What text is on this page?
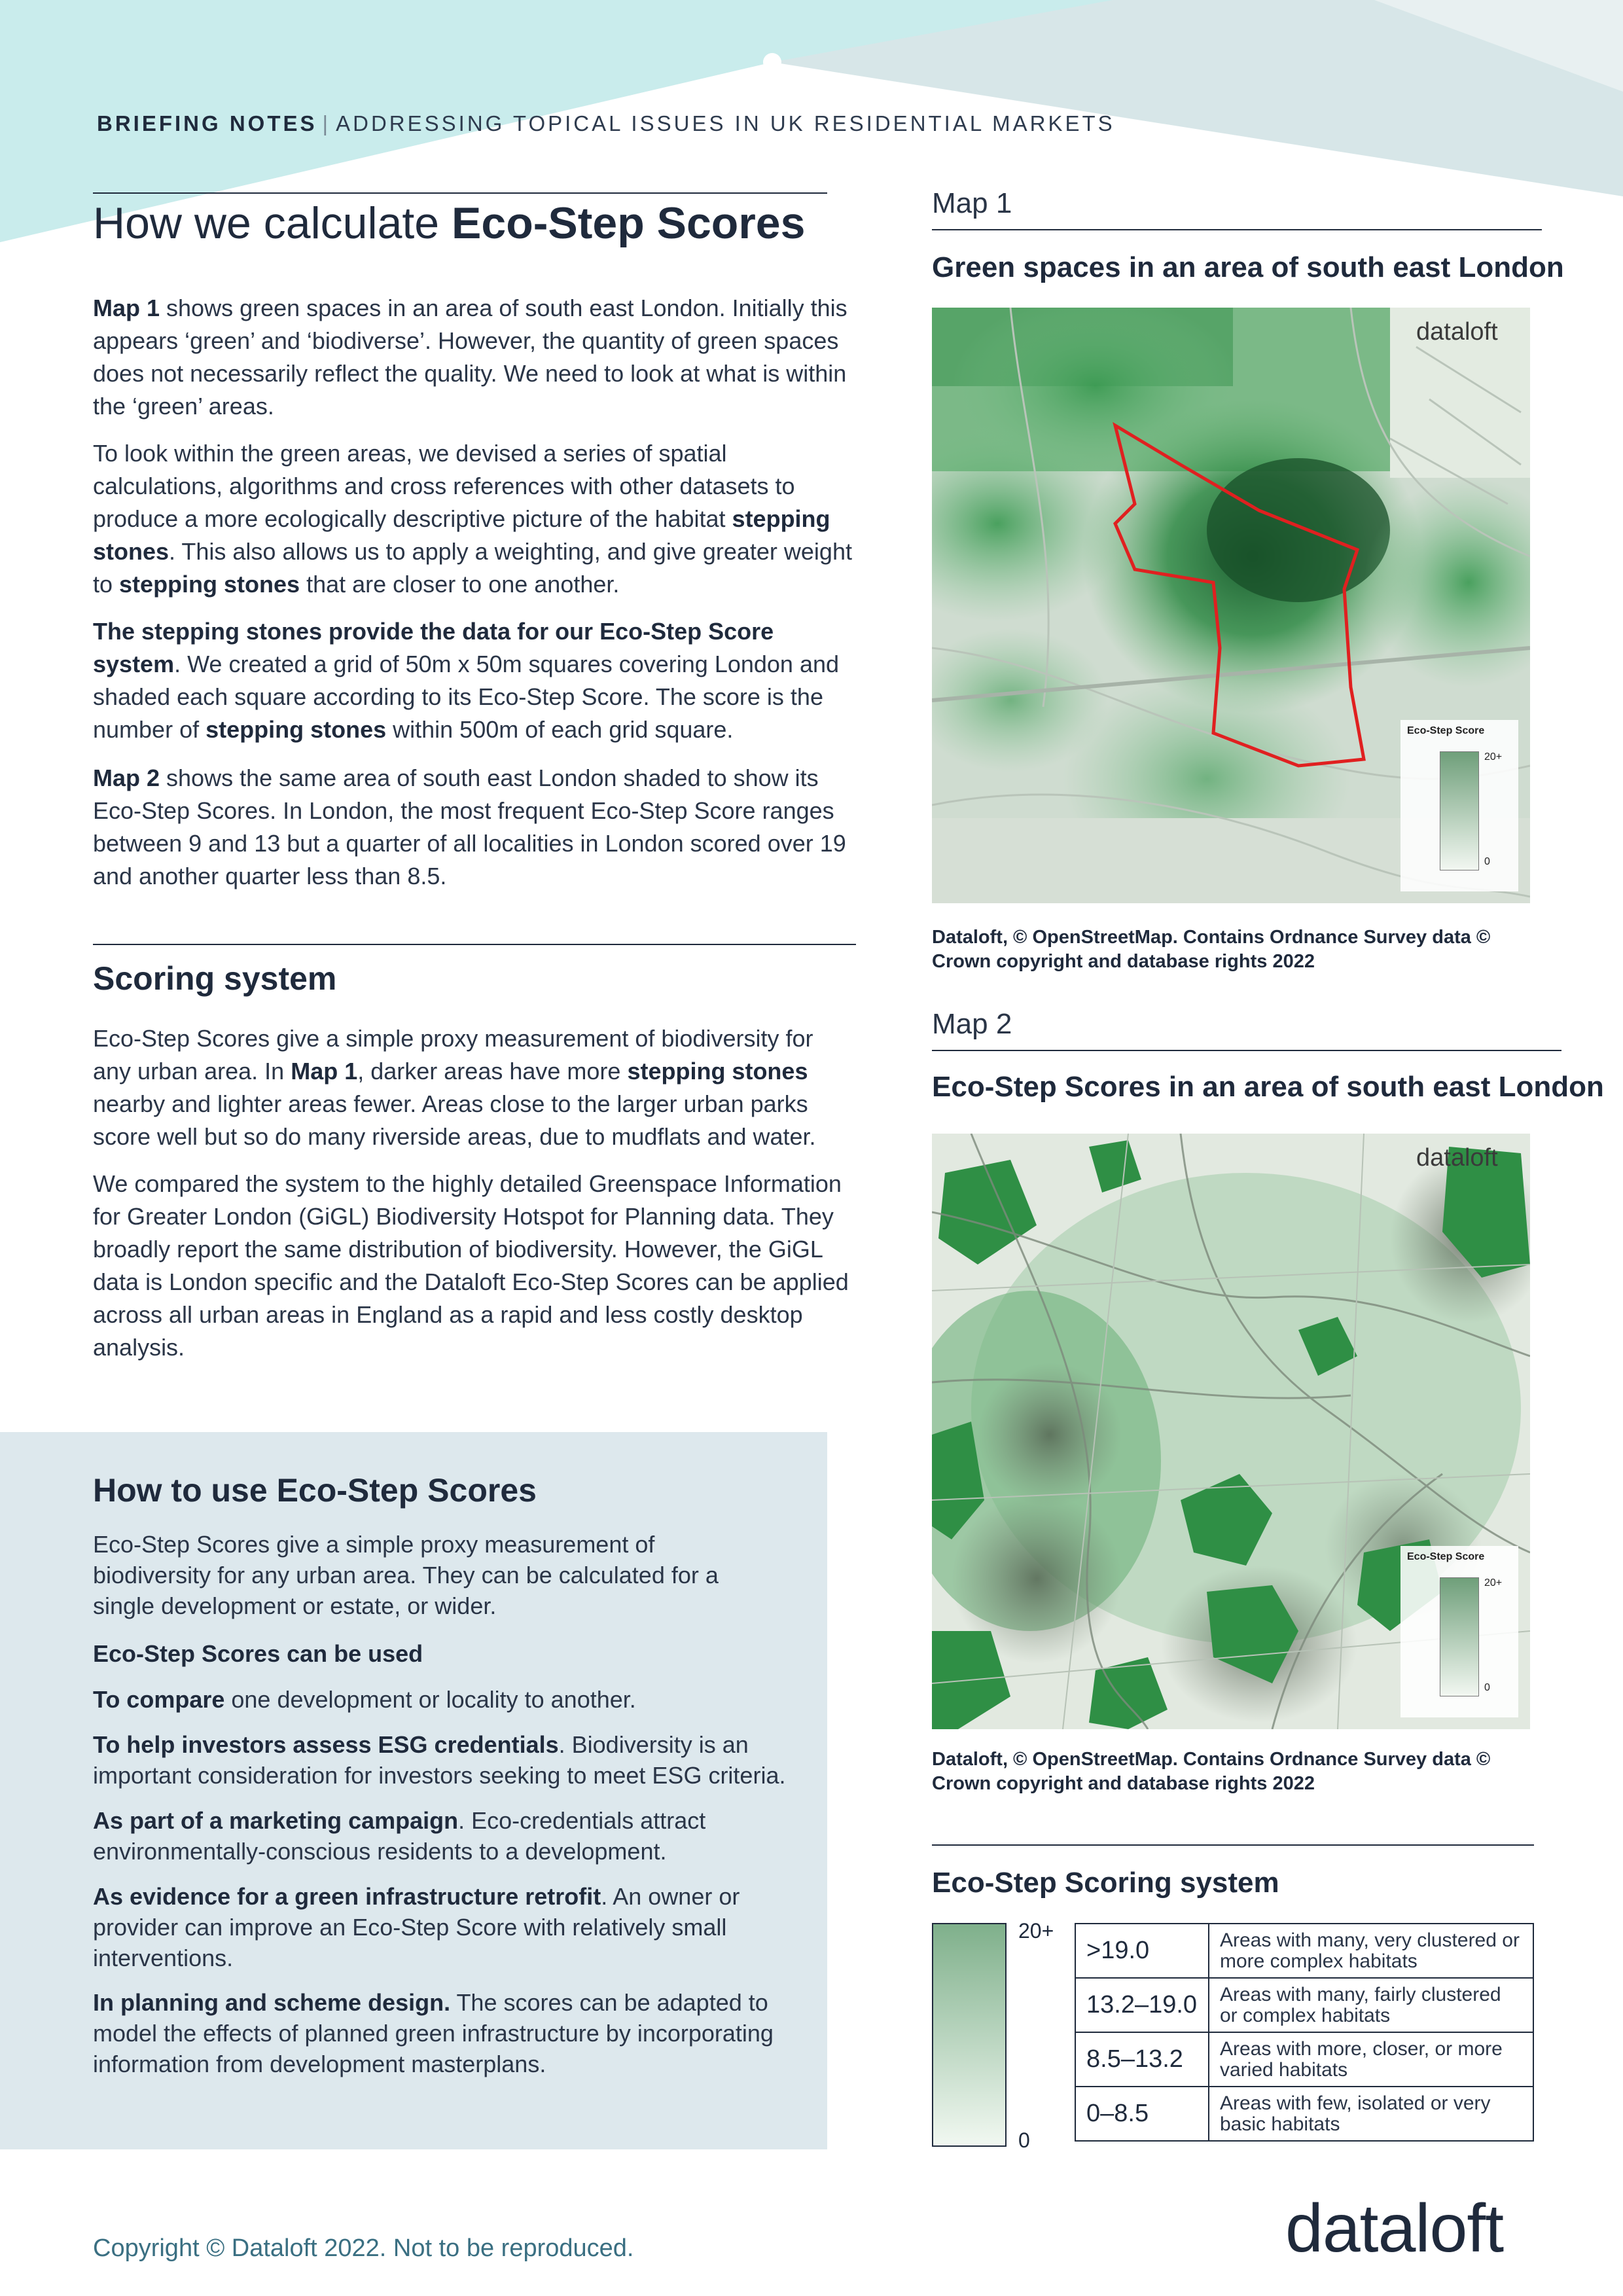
BRIEFING NOTES | ADDRESSING TOPICAL ISSUES IN UK RESIDENTIAL MARKETS
How we calculate Eco-Step Scores
Map 1 shows green spaces in an area of south east London. Initially this appears ‘green’ and ‘biodiverse’. However, the quantity of green spaces does not necessarily reflect the quality. We need to look at what is within the ‘green’ areas.
To look within the green areas, we devised a series of spatial calculations, algorithms and cross references with other datasets to produce a more ecologically descriptive picture of the habitat stepping stones. This also allows us to apply a weighting, and give greater weight to stepping stones that are closer to one another.
The stepping stones provide the data for our Eco-Step Score system. We created a grid of 50m x 50m squares covering London and shaded each square according to its Eco-Step Score. The score is the number of stepping stones within 500m of each grid square.
Map 2 shows the same area of south east London shaded to show its Eco-Step Scores. In London, the most frequent Eco-Step Score ranges between 9 and 13 but a quarter of all localities in London scored over 19 and another quarter less than 8.5.
Scoring system
Eco-Step Scores give a simple proxy measurement of biodiversity for any urban area. In Map 1, darker areas have more stepping stones nearby and lighter areas fewer. Areas close to the larger urban parks score well but so do many riverside areas, due to mudflats and water.
We compared the system to the highly detailed Greenspace Information for Greater London (GiGL) Biodiversity Hotspot for Planning data. They broadly report the same distribution of biodiversity. However, the GiGL data is London specific and the Dataloft Eco-Step Scores can be applied across all urban areas in England as a rapid and less costly desktop analysis.
How to use Eco-Step Scores
Eco-Step Scores give a simple proxy measurement of biodiversity for any urban area. They can be calculated for a single development or estate, or wider.
Eco-Step Scores can be used
To compare one development or locality to another.
To help investors assess ESG credentials. Biodiversity is an important consideration for investors seeking to meet ESG criteria.
As part of a marketing campaign. Eco-credentials attract environmentally-conscious residents to a development.
As evidence for a green infrastructure retrofit. An owner or provider can improve an Eco-Step Score with relatively small interventions.
In planning and scheme design. The scores can be adapted to model the effects of planned green infrastructure by incorporating information from development masterplans.
Map 1
Green spaces in an area of south east London
dataloft
Eco-Step Score
20+
0
Dataloft, © OpenStreetMap. Contains Ordnance Survey data © Crown copyright and database rights 2022
Map 2
Eco-Step Scores in an area of south east London
dataloft
Eco-Step Score
20+
0
Dataloft, © OpenStreetMap. Contains Ordnance Survey data © Crown copyright and database rights 2022
Eco-Step Scoring system
20+
0
>19.0	Areas with many, very clustered or more complex habitats
13.2–19.0	Areas with many, fairly clustered or complex habitats
8.5–13.2	Areas with more, closer, or more varied habitats
0–8.5	Areas with few, isolated or very basic habitats
Copyright © Dataloft 2022. Not to be reproduced.	dataloft
